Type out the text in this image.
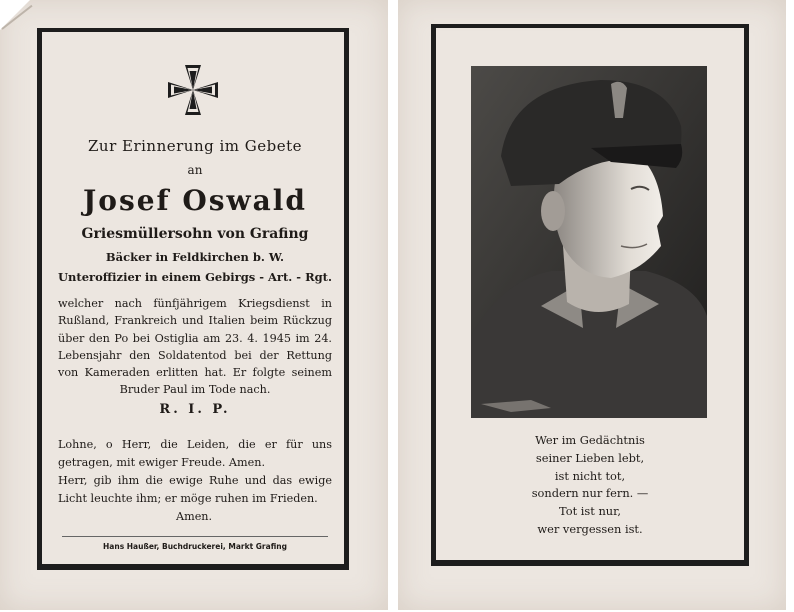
Zur Erinnerung im Gebete
an
Josef Oswald
Griesmüllersohn von Grafing
Bäcker in Feldkirchen b. W.
Unteroffizier in einem Gebirgs - Art. - Rgt.
welcher nach fünfjährigem Kriegsdienst in Rußland, Frankreich und Italien beim Rückzug über den Po bei Ostiglia am 23. 4. 1945 im 24. Lebensjahr den Soldatentod bei der Rettung von Kameraden erlitten hat. Er folgte seinem Bruder Paul im Tode nach.
R. I. P.
Lohne, o Herr, die Leiden, die er für uns getragen, mit ewiger Freude. Amen.
Herr, gib ihm die ewige Ruhe und das ewige Licht leuchte ihm; er möge ruhen im Frieden.
Amen.
Hans Haußer, Buchdruckerei, Markt Grafing
Wer im Gedächtnis
seiner Lieben lebt,
ist nicht tot,
sondern nur fern. —
Tot ist nur,
wer vergessen ist.
